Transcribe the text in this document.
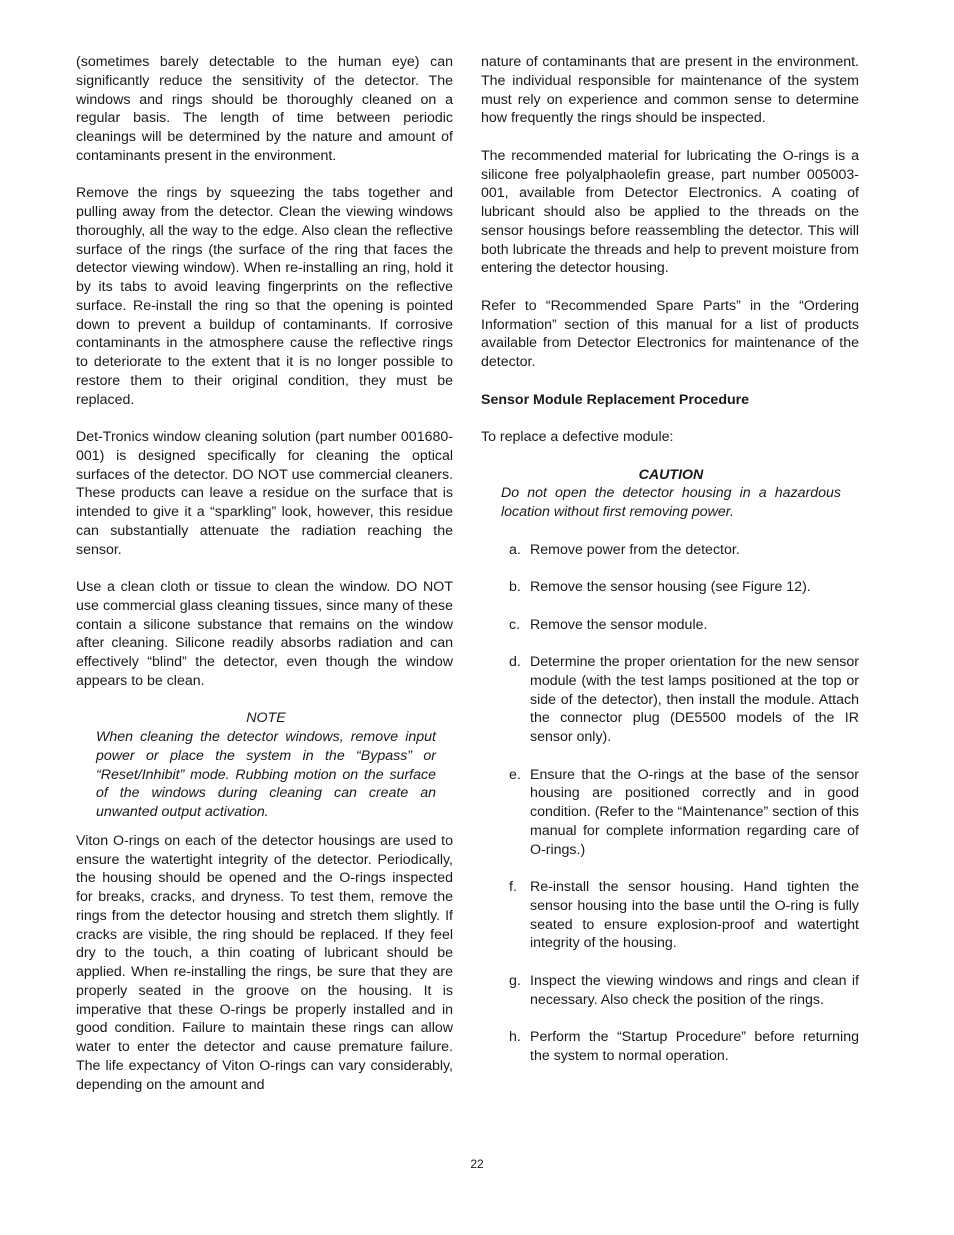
(sometimes barely detectable to the human eye) can significantly reduce the sensitivity of the detector. The windows and rings should be thoroughly cleaned on a regular basis. The length of time between periodic cleanings will be determined by the nature and amount of contaminants present in the environment.

Remove the rings by squeezing the tabs together and pulling away from the detector. Clean the viewing windows thoroughly, all the way to the edge. Also clean the reflective surface of the rings (the surface of the ring that faces the detector viewing window). When re-installing an ring, hold it by its tabs to avoid leaving fingerprints on the reflective surface. Re-install the ring so that the opening is pointed down to prevent a buildup of contaminants. If corrosive contaminants in the atmosphere cause the reflective rings to deteriorate to the extent that it is no longer possible to restore them to their original condition, they must be replaced.

Det-Tronics window cleaning solution (part number 001680-001) is designed specifically for cleaning the optical surfaces of the detector. DO NOT use commercial cleaners. These products can leave a residue on the surface that is intended to give it a “sparkling” look, however, this residue can substantially attenuate the radiation reaching the sensor.

Use a clean cloth or tissue to clean the window. DO NOT use commercial glass cleaning tissues, since many of these contain a silicone substance that remains on the window after cleaning. Silicone readily absorbs radiation and can effectively “blind” the detector, even though the window appears to be clean.

NOTE
When cleaning the detector windows, remove input power or place the system in the “Bypass” or “Reset/Inhibit” mode. Rubbing motion on the surface of the windows during cleaning can create an unwanted output activation.

Viton O-rings on each of the detector housings are used to ensure the watertight integrity of the detector. Periodically, the housing should be opened and the O-rings inspected for breaks, cracks, and dryness. To test them, remove the rings from the detector housing and stretch them slightly. If cracks are visible, the ring should be replaced. If they feel dry to the touch, a thin coating of lubricant should be applied. When re-installing the rings, be sure that they are properly seated in the groove on the housing. It is imperative that these O-rings be properly installed and in good condition. Failure to maintain these rings can allow water to enter the detector and cause premature failure. The life expectancy of Viton O-rings can vary considerably, depending on the amount and

nature of contaminants that are present in the environment. The individual responsible for maintenance of the system must rely on experience and common sense to determine how frequently the rings should be inspected.

The recommended material for lubricating the O-rings is a silicone free polyalphaolefin grease, part number 005003-001, available from Detector Electronics. A coating of lubricant should also be applied to the threads on the sensor housings before reassembling the detector. This will both lubricate the threads and help to prevent moisture from entering the detector housing.

Refer to “Recommended Spare Parts” in the “Ordering Information” section of this manual for a list of products available from Detector Electronics for maintenance of the detector.

Sensor Module Replacement Procedure

To replace a defective module:

CAUTION
Do not open the detector housing in a hazardous location without first removing power.
a. Remove power from the detector.
b. Remove the sensor housing (see Figure 12).
c. Remove the sensor module.
d. Determine the proper orientation for the new sensor module (with the test lamps positioned at the top or side of the detector), then install the module. Attach the connector plug (DE5500 models of the IR sensor only).
e. Ensure that the O-rings at the base of the sensor housing are positioned correctly and in good condition. (Refer to the “Maintenance” section of this manual for complete information regarding care of O-rings.)
f. Re-install the sensor housing. Hand tighten the sensor housing into the base until the O-ring is fully seated to ensure explosion-proof and watertight integrity of the housing.
g. Inspect the viewing windows and rings and clean if necessary. Also check the position of the rings.
h. Perform the “Startup Procedure” before returning the system to normal operation.
22
